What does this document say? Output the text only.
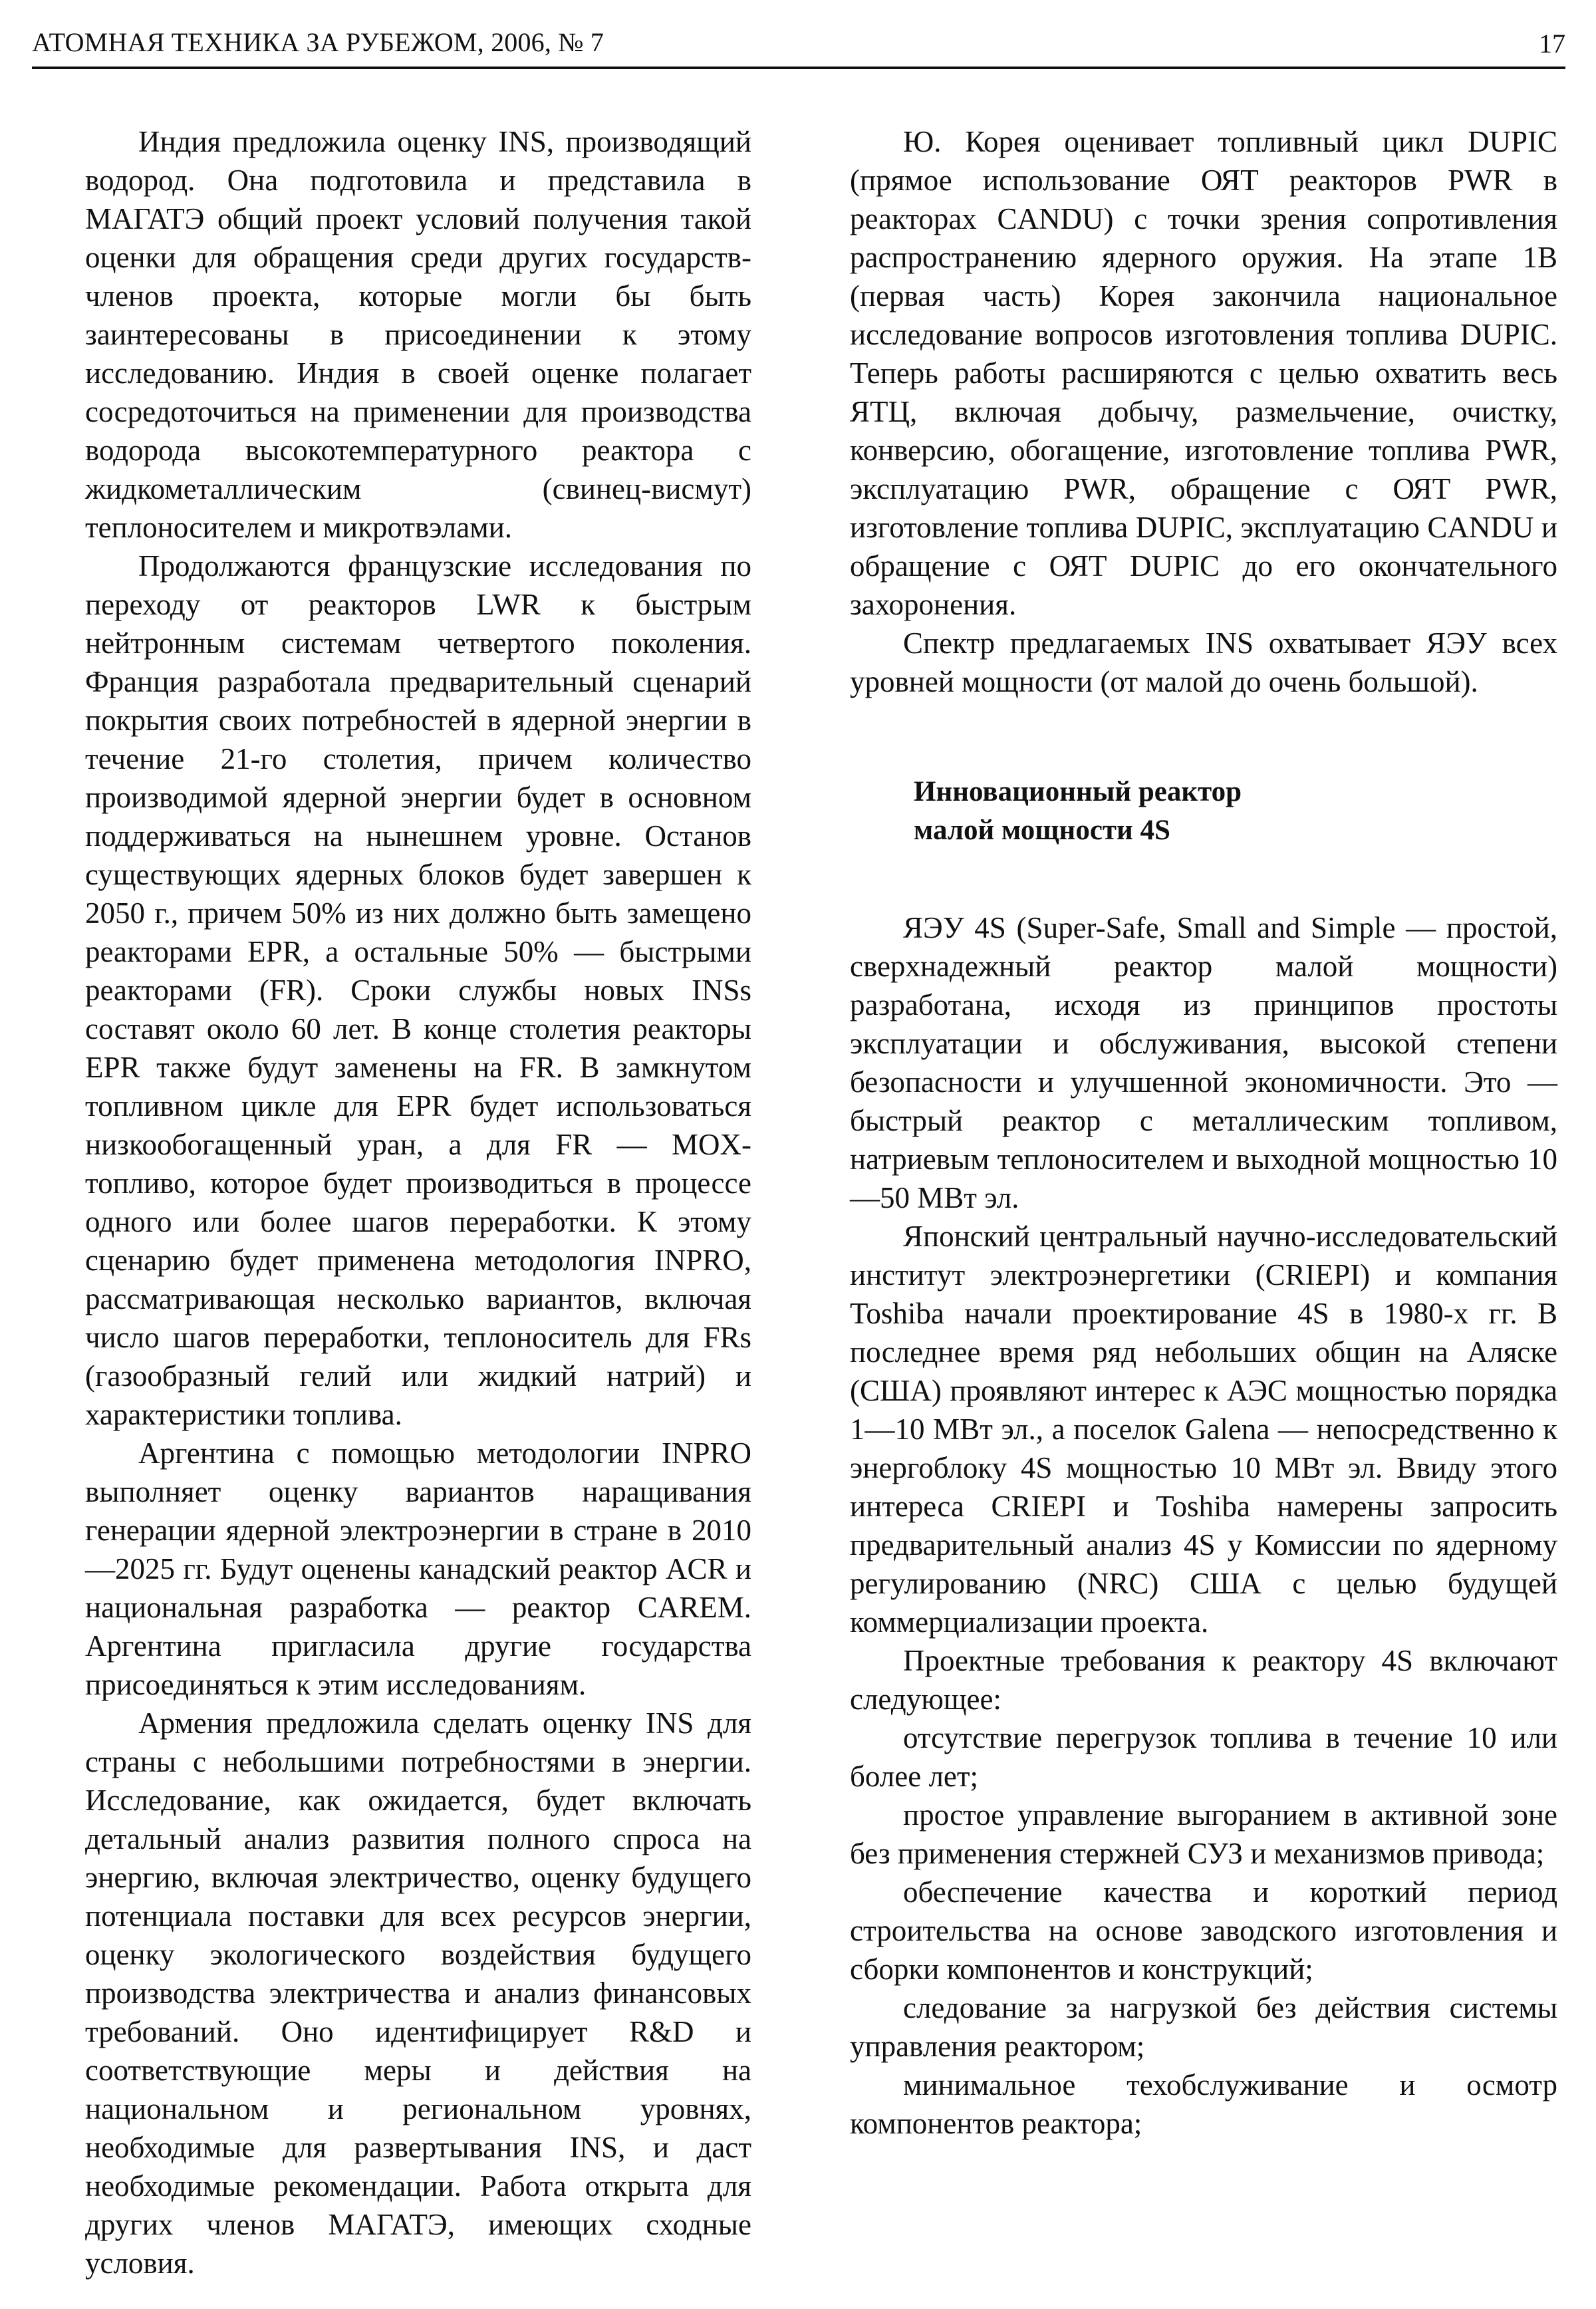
АТОМНАЯ ТЕХНИКА ЗА РУБЕЖОМ, 2006, № 7	17

Индия предложила оценку INS, производящий водород. Она подготовила и представила в МАГАТЭ общий проект условий получения такой оценки для обращения среди других государств-членов проекта, которые могли бы быть заинтересованы в присоединении к этому исследованию. Индия в своей оценке полагает сосредоточиться на применении для производства водорода высокотемпературного реактора с жидкометаллическим (свинец-висмут) теплоносителем и микротвэлами.

Продолжаются французские исследования по переходу от реакторов LWR к быстрым нейтронным системам четвертого поколения. Франция разработала предварительный сценарий покрытия своих потребностей в ядерной энергии в течение 21-го столетия, причем количество производимой ядерной энергии будет в основном поддерживаться на нынешнем уровне. Останов существующих ядерных блоков будет завершен к 2050 г., причем 50% из них должно быть замещено реакторами EPR, а остальные 50% — быстрыми реакторами (FR). Сроки службы новых INSs составят около 60 лет. В конце столетия реакторы EPR также будут заменены на FR. В замкнутом топливном цикле для EPR будет использоваться низкообогащенный уран, а для FR — MOX-топливо, которое будет производиться в процессе одного или более шагов переработки. К этому сценарию будет применена методология INPRO, рассматривающая несколько вариантов, включая число шагов переработки, теплоноситель для FRs (газообразный гелий или жидкий натрий) и характеристики топлива.

Аргентина с помощью методологии INPRO выполняет оценку вариантов наращивания генерации ядерной электроэнергии в стране в 2010—2025 гг. Будут оценены канадский реактор ACR и национальная разработка — реактор CAREM. Аргентина пригласила другие государства присоединяться к этим исследованиям.

Армения предложила сделать оценку INS для страны с небольшими потребностями в энергии. Исследование, как ожидается, будет включать детальный анализ развития полного спроса на энергию, включая электричество, оценку будущего потенциала поставки для всех ресурсов энергии, оценку экологического воздействия будущего производства электричества и анализ финансовых требований. Оно идентифицирует R&D и соответствующие меры и действия на национальном и региональном уровнях, необходимые для развертывания INS, и даст необходимые рекомендации. Работа открыта для других членов МАГАТЭ, имеющих сходные условия.

Ю. Корея оценивает топливный цикл DUPIC (прямое использование ОЯТ реакторов PWR в реакторах CANDU) с точки зрения сопротивления распространению ядерного оружия. На этапе 1B (первая часть) Корея закончила национальное исследование вопросов изготовления топлива DUPIC. Теперь работы расширяются с целью охватить весь ЯТЦ, включая добычу, размельчение, очистку, конверсию, обогащение, изготовление топлива PWR, эксплуатацию PWR, обращение с ОЯТ PWR, изготовление топлива DUPIC, эксплуатацию CANDU и обращение с ОЯТ DUPIC до его окончательного захоронения.

Спектр предлагаемых INS охватывает ЯЭУ всех уровней мощности (от малой до очень большой).

Инновационный реактор
малой мощности 4S

ЯЭУ 4S (Super-Safe, Small and Simple — простой, сверхнадежный реактор малой мощности) разработана, исходя из принципов простоты эксплуатации и обслуживания, высокой степени безопасности и улучшенной экономичности. Это — быстрый реактор с металлическим топливом, натриевым теплоносителем и выходной мощностью 10—50 МВт эл.

Японский центральный научно-исследовательский институт электроэнергетики (CRIEPI) и компания Toshiba начали проектирование 4S в 1980-х гг. В последнее время ряд небольших общин на Аляске (США) проявляют интерес к АЭС мощностью порядка 1—10 МВт эл., а поселок Galena — непосредственно к энергоблоку 4S мощностью 10 МВт эл. Ввиду этого интереса CRIEPI и Toshiba намерены запросить предварительный анализ 4S у Комиссии по ядерному регулированию (NRC) США с целью будущей коммерциализации проекта.

Проектные требования к реактору 4S включают следующее:

отсутствие перегрузок топлива в течение 10 или более лет;

простое управление выгоранием в активной зоне без применения стержней СУЗ и механизмов привода;

обеспечение качества и короткий период строительства на основе заводского изготовления и сборки компонентов и конструкций;

следование за нагрузкой без действия системы управления реактором;

минимальное техобслуживание и осмотр компонентов реактора;
